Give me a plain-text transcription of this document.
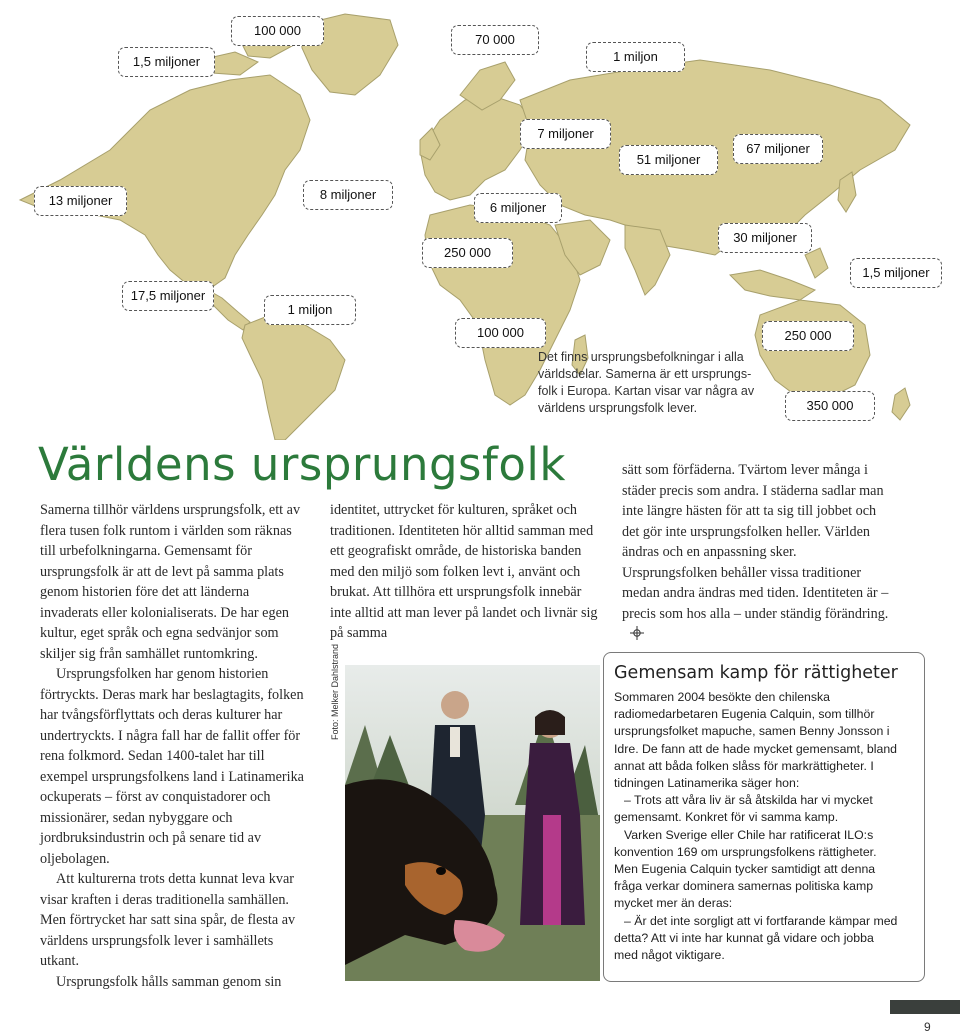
1,5 miljoner
100 000
70 000
1 miljon
7 miljoner
51 miljoner
67 miljoner
13 miljoner	8 miljoner
6 miljoner
30 miljoner
250 000
1,5 miljoner
17,5 miljoner
1 miljon
100 000	250 000
350 000
Det finns ursprungsbefolkningar i alla världsdelar. Samerna är ett ursprungs-folk i Europa. Kartan visar var några av världens ursprungsfolk lever.
Världens ursprungsfolk

Samerna tillhör världens ursprungsfolk, ett av flera tusen folk runtom i världen som räknas till urbefolkningarna. Gemensamt för ursprungsfolk är att de levt på samma plats genom historien före det att länderna invaderats eller kolonialiserats. De har egen kultur, eget språk och egna sedvänjor som skiljer sig från samhället runtomkring.

Ursprungsfolken har genom historien förtryckts. Deras mark har beslagtagits, folken har tvångsförflyttats och deras kulturer har undertryckts. I några fall har de fallit offer för rena folkmord. Sedan 1400-talet har till exempel ursprungsfolkens land i Latinamerika ockuperats – först av conquistadorer och missionärer, sedan nybyggare och jordbruksindustrin och på senare tid av oljebolagen.

Att kulturerna trots detta kunnat leva kvar visar kraften i deras traditionella samhällen. Men förtrycket har satt sina spår, de flesta av världens ursprungsfolk lever i samhällets utkant.

Ursprungsfolk hålls samman genom sin

identitet, uttrycket för kulturen, språket och traditionen. Identiteten hör alltid samman med ett geografiskt område, de historiska banden med den miljö som folken levt i, använt och brukat. Att tillhöra ett ursprungsfolk innebär inte alltid att man lever på landet och livnär sig på samma

sätt som förfäderna. Tvärtom lever många i städer precis som andra. I städerna sadlar man inte längre hästen för att ta sig till jobbet och det gör inte ursprungsfolken heller. Världen ändras och en anpassning sker. Ursprungsfolken behåller vissa traditioner medan andra ändras med tiden. Identiteten är – precis som hos alla – under ständig förändring.

Foto: Melker Dahlstrand	Gemensam kamp för rättigheter

Sommaren 2004 besökte den chilenska radiomedarbetaren Eugenia Calquin, som tillhör ursprungsfolket mapuche, samen Benny Jonsson i Idre. De fann att de hade mycket gemensamt, bland annat att båda folken slåss för markrättigheter. I tidningen Latinamerika säger hon:

– Trots att våra liv är så åtskilda har vi mycket gemensamt. Konkret för vi samma kamp.

Varken Sverige eller Chile har ratificerat ILO:s konvention 169 om ursprungsfolkens rättigheter. Men Eugenia Calquin tycker samtidigt att denna fråga verkar dominera samernas politiska kamp mycket mer än deras:

– Är det inte sorgligt att vi fortfarande kämpar med detta? Att vi inte har kunnat gå vidare och jobba med något viktigare.

9
